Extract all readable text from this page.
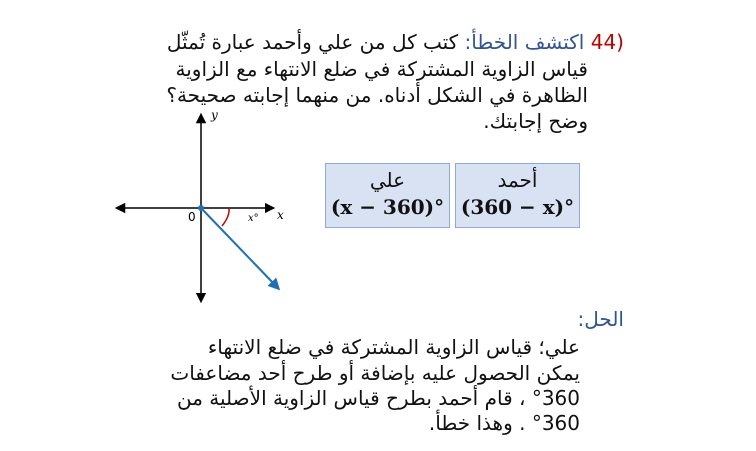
44) اكتشف الخطأ: كتب كل من علي وأحمد عبارة تُمثّل
قياس الزاوية المشتركة في ضلع الانتهاء مع الزاوية
الظاهرة في الشكل أدناه. من منهما إجابته صحيحة؟
وضح إجابتك.
x
y
0	x°
أحمد
(360 − x)°
علي
(x − 360)°
الحل:
علي؛ قياس الزاوية المشتركة في ضلع الانتهاء
يمكن الحصول عليه بإضافة أو طرح أحد مضاعفات
°360 ، قام أحمد بطرح قياس الزاوية الأصلية من
°360 . وهذا خطأ.
